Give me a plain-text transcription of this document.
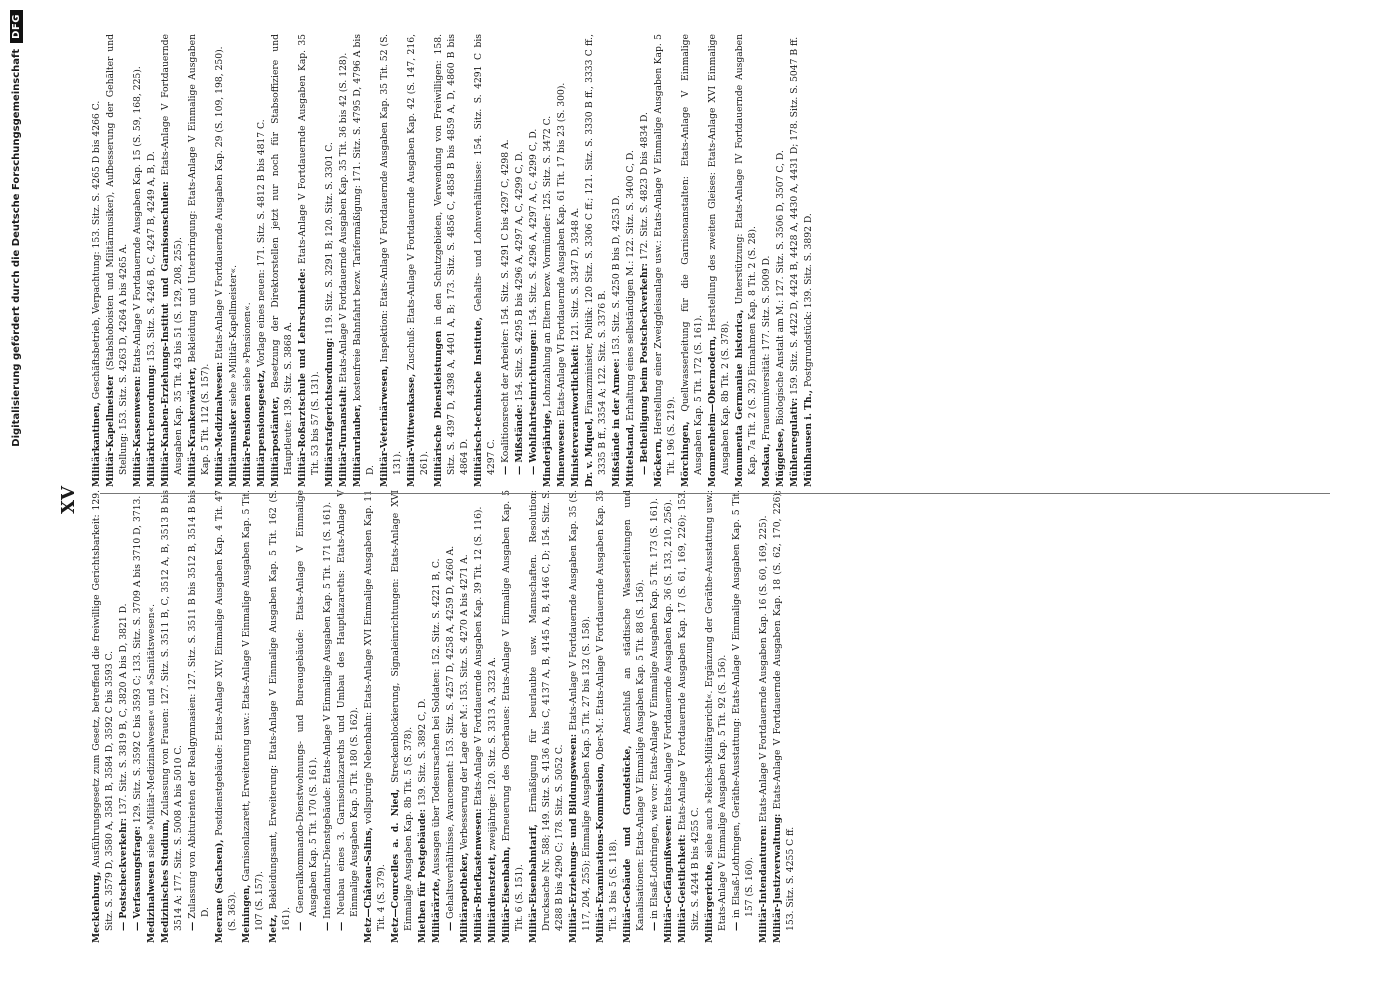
Digitalisierung gefördert durch die Deutsche Forschungsgemeinschaft
DFG
XV
Mecklenburg, Ausführungsgesetz zum Gesetz, betreffend die freiwillige Gerichtsbarkeit: 129. Sitz. S. 3579 D, 3580 A, 3581 B, 3584 D, 3592 C bis 3593 C. — Postscheckverkehr: 137. Sitz. S. 3819 B, C, 3820 A bis D, 3821 D.
— Verfassungsfrage: 129. Sitz. S. 3592 C bis 3593 C; 133. Sitz. S. 3709 A bis 3710 D, 3713.
Medizinalwesen siehe »Militär-Medizinalwesen« und »Sanitätswesen«.
Medizinisches Studium, Zulassung von Frauen: 127. Sitz. S. 3511 B, C, 3512 A, B, 3513 B bis 3514 A; 177. Sitz. S. 5008 A bis 5010 C. — Zulassung von Abiturienten der Realgymnasien: 127. Sitz. S. 3511 B bis 3512 B, 3514 B bis D. Meerane (Sachsen), Postdienstgebäude: Etats-Anlage XIV, Einmalige Ausgaben Kap. 4 Tit. 47 (S. 363). Meiningen, Garnisonlazarett, Erweiterung usw.: Etats-Anlage V Einmalige Ausgaben Kap. 5 Tit. 107 (S. 157). Metz, Bekleidungsamt, Erweiterung: Etats-Anlage V Einmalige Ausgaben Kap. 5 Tit. 162 (S. 161). — Generalkommando-Dienstwohnungs- und Bureaugebäude: Etats-Anlage V Einmalige Ausgaben Kap. 5 Tit. 170 (S. 161).
— Intendantur-Dienstgebäude: Etats-Anlage V Einmalige Ausgaben Kap. 5 Tit. 171 (S. 161).
— Neubau eines 3. Garnisonlazareths und Umbau des Hauptlazareths: Etats-Anlage V Einmalige Ausgaben Kap. 5 Tit. 180 (S. 162). Metz—Château-Salins, vollspurige Nebenbahn: Etats-Anlage XVI Einmalige Ausgaben Kap. 11 Tit. 4 (S. 379). Metz—Courcelles a. d. Nied, Streckenblockierung, Signaleinrichtungen: Etats-Anlage XVI Einmalige Ausgaben Kap. 8b Tit. 5 (S. 378). Miethen für Postgebäude: 139. Sitz. S. 3892 C, D.
Militärärzte, Aussagen über Todesursachen bei Soldaten: 152. Sitz. S. 4221 B, C.
— Gehaltsverhältnisse, Avancement: 153. Sitz. S. 4257 D, 4258 A, 4259 D, 4260 A. Militärapotheker, Verbesserung der Lage der M.: 153. Sitz. S. 4270 A bis 4271 A.
Militär-Briefkastenwesen: Etats-Anlage V Fortdauernde Ausgaben Kap. 39 Tit. 12 (S. 116).
Militärdienstzeit, zweijährige: 120. Sitz. S. 3313 A, 3323 A.
Militär-Eisenbahn, Erneuerung des Oberbaues: Etats-Anlage V Einmalige Ausgaben Kap. 5 Tit. 6 (S. 151). Militär-Eisenbahntarif, Ermäßigung für beurlaubte usw. Mannschaften. Resolution: Drucksache Nr. 588; 149. Sitz. S. 4136 A bis C, 4137 A, B, 4145 A, B, 4146 C, D; 154. Sitz. S. 4288 B bis 4290 C; 178. Sitz. S. 5052 C. Militär-Erziehungs- und Bildungswesen: Etats-Anlage V Fortdauernde Ausgaben Kap. 35 (S. 117, 204, 255); Einmalige Ausgaben Kap. 5 Tit. 27 bis 132 (S. 158). Militär-Examinations-Kommission, Ober-M.: Etats-Anlage V Fortdauernde Ausgaben Kap. 35 Tit. 3 bis 5 (S. 118). Militär-Gebäude und Grundstücke, Anschluß an städtische Wasserleitungen und Kanalisationen: Etats-Anlage V Einmalige Ausgaben Kap. 5 Tit. 88 (S. 156). — in Elsaß-Lothringen, wie vor: Etats-Anlage V Einmalige Ausgaben Kap. 5 Tit. 173 (S. 161). Militär-Gefängnißwesen: Etats-Anlage V Fortdauernde Ausgaben Kap. 36 (S. 133, 210, 256).
Militär-Geistlichkeit: Etats-Anlage V Fortdauernde Ausgaben Kap. 17 (S. 61, 169, 226); 153. Sitz. S. 4244 B bis 4255 C. Militärgerichte, siehe auch »Reichs-Militärgericht«. Ergänzung der Geräthe-Ausstattung usw.: Etats-Anlage V Einmalige Ausgaben Kap. 5 Tit. 92 (S. 156). — in Elsaß-Lothringen, Geräthe-Ausstattung: Etats-Anlage V Einmalige Ausgaben Kap. 5 Tit. 157 (S. 160). Militär-Intendanturen: Etats-Anlage V Fortdauernde Ausgaben Kap. 16 (S. 60, 169, 225).
Militär-Justizverwaltung: Etats-Anlage V Fortdauernde Ausgaben Kap. 18 (S. 62, 170, 226); 153. Sitz. S. 4255 C ff.
Militärkantinen, Geschäftsbetrieb, Verpachtung: 153. Sitz. S. 4265 D bis 4266 C.
Militär-Kapellmeister (Stabshoboisten und Militärmusiker), Aufbesserung der Gehälter und Stellung: 153. Sitz. S. 4263 D, 4264 A bis 4265 A. Militär-Kassenwesen: Etats-Anlage V Fortdauernde Ausgaben Kap. 15 (S. 59, 168, 225).
Militärkirchenordnung: 153. Sitz. S. 4246 B, C, 4247 B, 4249 A, B, D. Militär-Knaben-Erziehungs-Institut und Garnisonschulen: Etats-Anlage V Fortdauernde Ausgaben Kap. 35 Tit. 43 bis 51 (S. 129, 208, 255). Militär-Krankenwärter, Bekleidung und Unterbringung: Etats-Anlage V Einmalige Ausgaben Kap. 5 Tit. 112 (S. 157). Militär-Medizinalwesen: Etats-Anlage V Fortdauernde Ausgaben Kap. 29 (S. 109, 198, 250).
Militärmusiker siehe »Militär-Kapellmeister«.
Militär-Pensionen siehe »Pensionen«.
Militärpensionsgesetz, Vorlage eines neuen: 171. Sitz. S. 4812 B bis 4817 C.
Militärpostämter, Besetzung der Direktorstellen jetzt nur noch für Stabsoffiziere und Hauptleute: 139. Sitz. S. 3868 A. Militär-Roßarztschule und Lehrschmiede: Etats-Anlage V Fortdauernde Ausgaben Kap. 35 Tit. 53 bis 57 (S. 131). Militärstrafgerichtsordnung: 119. Sitz. S. 3291 B; 120. Sitz. S. 3301 C.
Militär-Turnanstalt: Etats-Anlage V Fortdauernde Ausgaben Kap. 35 Tit. 36 bis 42 (S. 128).
Militärurlauber, kostenfreie Bahnfahrt bezw. Tarifermäßigung: 171. Sitz. S. 4795 D, 4796 A bis D. Militär-Veterinärwesen, Inspektion: Etats-Anlage V Fortdauernde Ausgaben Kap. 35 Tit. 52 (S. 131). Militär-Wittwenkasse, Zuschuß: Etats-Anlage V Fortdauernde Ausgaben Kap. 42 (S. 147, 216, 261). Militärische Dienstleistungen in den Schutzgebieten, Verwendung von Freiwilligen: 158. Sitz. S. 4397 D, 4398 A, 4401 A, B; 173. Sitz. S. 4856 C, 4858 B bis 4859 A, D, 4860 B bis 4864 D. Militärisch-technische Institute, Gehalts- und Lohnverhältnisse: 154. Sitz. S. 4291 C bis 4297 C. — Koalitionsrecht der Arbeiter: 154. Sitz. S. 4291 C bis 4297 C, 4298 A. — Mißstände: 154. Sitz. S. 4295 B bis 4296 A, 4297 A, C, 4299 C, D.
— Wohlfahrtseinrichtungen: 154. Sitz. S. 4296 A, 4297 A, C, 4299 C, D.
Minderjährige, Lohnzahlung an Eltern bezw. Vormünder: 125. Sitz. S. 3472 C.
Minenwesen: Etats-Anlage VI Fortdauernde Ausgaben Kap. 61 Tit. 17 bis 23 (S. 300). Ministerverantwortlichkeit: 121. Sitz. S. 3347 D, 3348 A.
Dr. v. Miquel, Finanzminister, Politik: 120 Sitz. S. 3306 C ff.; 121. Sitz. S. 3330 B ff., 3333 C ff., 3335 B ff., 3354 A; 122. Sitz. S. 3376 B. Mißstände in der Armee: 153. Sitz. S. 4250 B bis D, 4253 D.
Mittelstand, Erhaltung eines selbständigen M.: 122. Sitz. S. 3400 C, D. — Betheiligung beim Postscheckverkehr: 172. Sitz. S. 4823 D bis 4834 D.
Möckern, Herstellung einer Zweiggleisanlage usw.: Etats-Anlage V Einmalige Ausgaben Kap. 5 Tit. 196 (S. 219). Mörchingen, Quellwasserleitung für die Garnisonanstalten: Etats-Anlage V Einmalige Ausgaben Kap. 5 Tit. 172 (S. 161). Mommenheim—Obermodern, Herstellung des zweiten Gleises: Etats-Anlage XVI Einmalige Ausgaben Kap. 8b Tit. 2 (S. 378). Monumenta Germaniae historica, Unterstützung: Etats-Anlage IV Fortdauernde Ausgaben Kap. 7a Tit. 2 (S. 32) Einnahmen Kap. 8 Tit. 2 (S. 28). Moskau, Frauenuniversität: 177. Sitz. S. 5009 D.
Müggelsee, Biologische Anstalt am M.: 127. Sitz. S. 3506 D, 3507 C, D.
Mühlenregulativ: 159. Sitz. S. 4422 D, 4424 B, 4428 A, 4430 A, 4431 D; 178. Sitz. S. 5047 B ff.
Mühlhausen i. Th., Postgrundstück: 139. Sitz. S. 3892 D.
